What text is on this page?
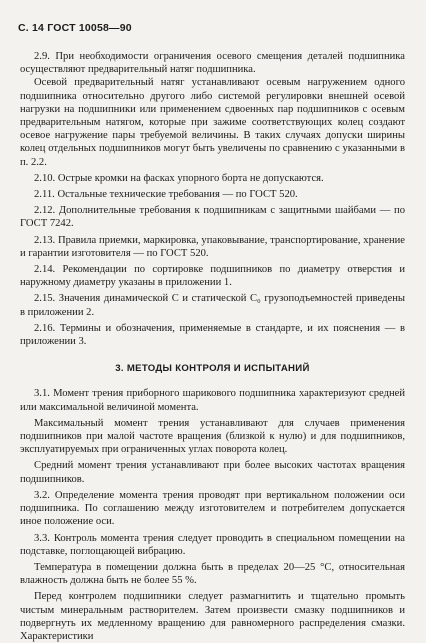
С. 14 ГОСТ 10058—90

2.9. При необходимости ограничения осевого смещения деталей подшипника осуществляют предварительный натяг подшипника.

Осевой предварительный натяг устанавливают осевым нагружением одного подшипника относительно другого либо системой регулировки внешней осевой нагрузки на подшипники или применением сдвоенных пар подшипников с осевым предварительным натягом, которые при зажиме соответствующих колец создают осевое нагружение пары требуемой величины. В таких случаях допуски ширины колец отдельных подшипников могут быть увеличены по сравнению с указанными в п. 2.2.

2.10. Острые кромки на фасках упорного борта не допускаются.

2.11. Остальные технические требования — по ГОСТ 520.

2.12. Дополнительные требования к подшипникам с защитными шайбами — по ГОСТ 7242.

2.13. Правила приемки, маркировка, упаковывание, транспортирование, хранение и гарантии изготовителя — по ГОСТ 520.

2.14. Рекомендации по сортировке подшипников по диаметру отверстия и наружному диаметру указаны в приложении 1.

2.15. Значения динамической C и статической C₀ грузоподъемностей приведены в приложении 2.

2.16. Термины и обозначения, применяемые в стандарте, и их пояснения — в приложении 3.

3. МЕТОДЫ КОНТРОЛЯ И ИСПЫТАНИЙ

3.1. Момент трения приборного шарикового подшипника характеризуют средней или максимальной величиной момента.

Максимальный момент трения устанавливают для случаев применения подшипников при малой частоте вращения (близкой к нулю) и для подшипников, эксплуатируемых при ограниченных углах поворота колец.

Средний момент трения устанавливают при более высоких частотах вращения подшипников.

3.2. Определение момента трения проводят при вертикальном положении оси подшипника. По соглашению между изготовителем и потребителем допускается иное положение оси.

3.3. Контроль момента трения следует проводить в специальном помещении на подставке, поглощающей вибрацию.

Температура в помещении должна быть в пределах 20—25 °С, относительная влажность должна быть не более 55 %.

Перед контролем подшипники следует размагнитить и тщательно промыть чистым минеральным растворителем. Затем произвести смазку подшипников и подвергнуть их медленному вращению для равномерного распределения смазки. Характеристики
